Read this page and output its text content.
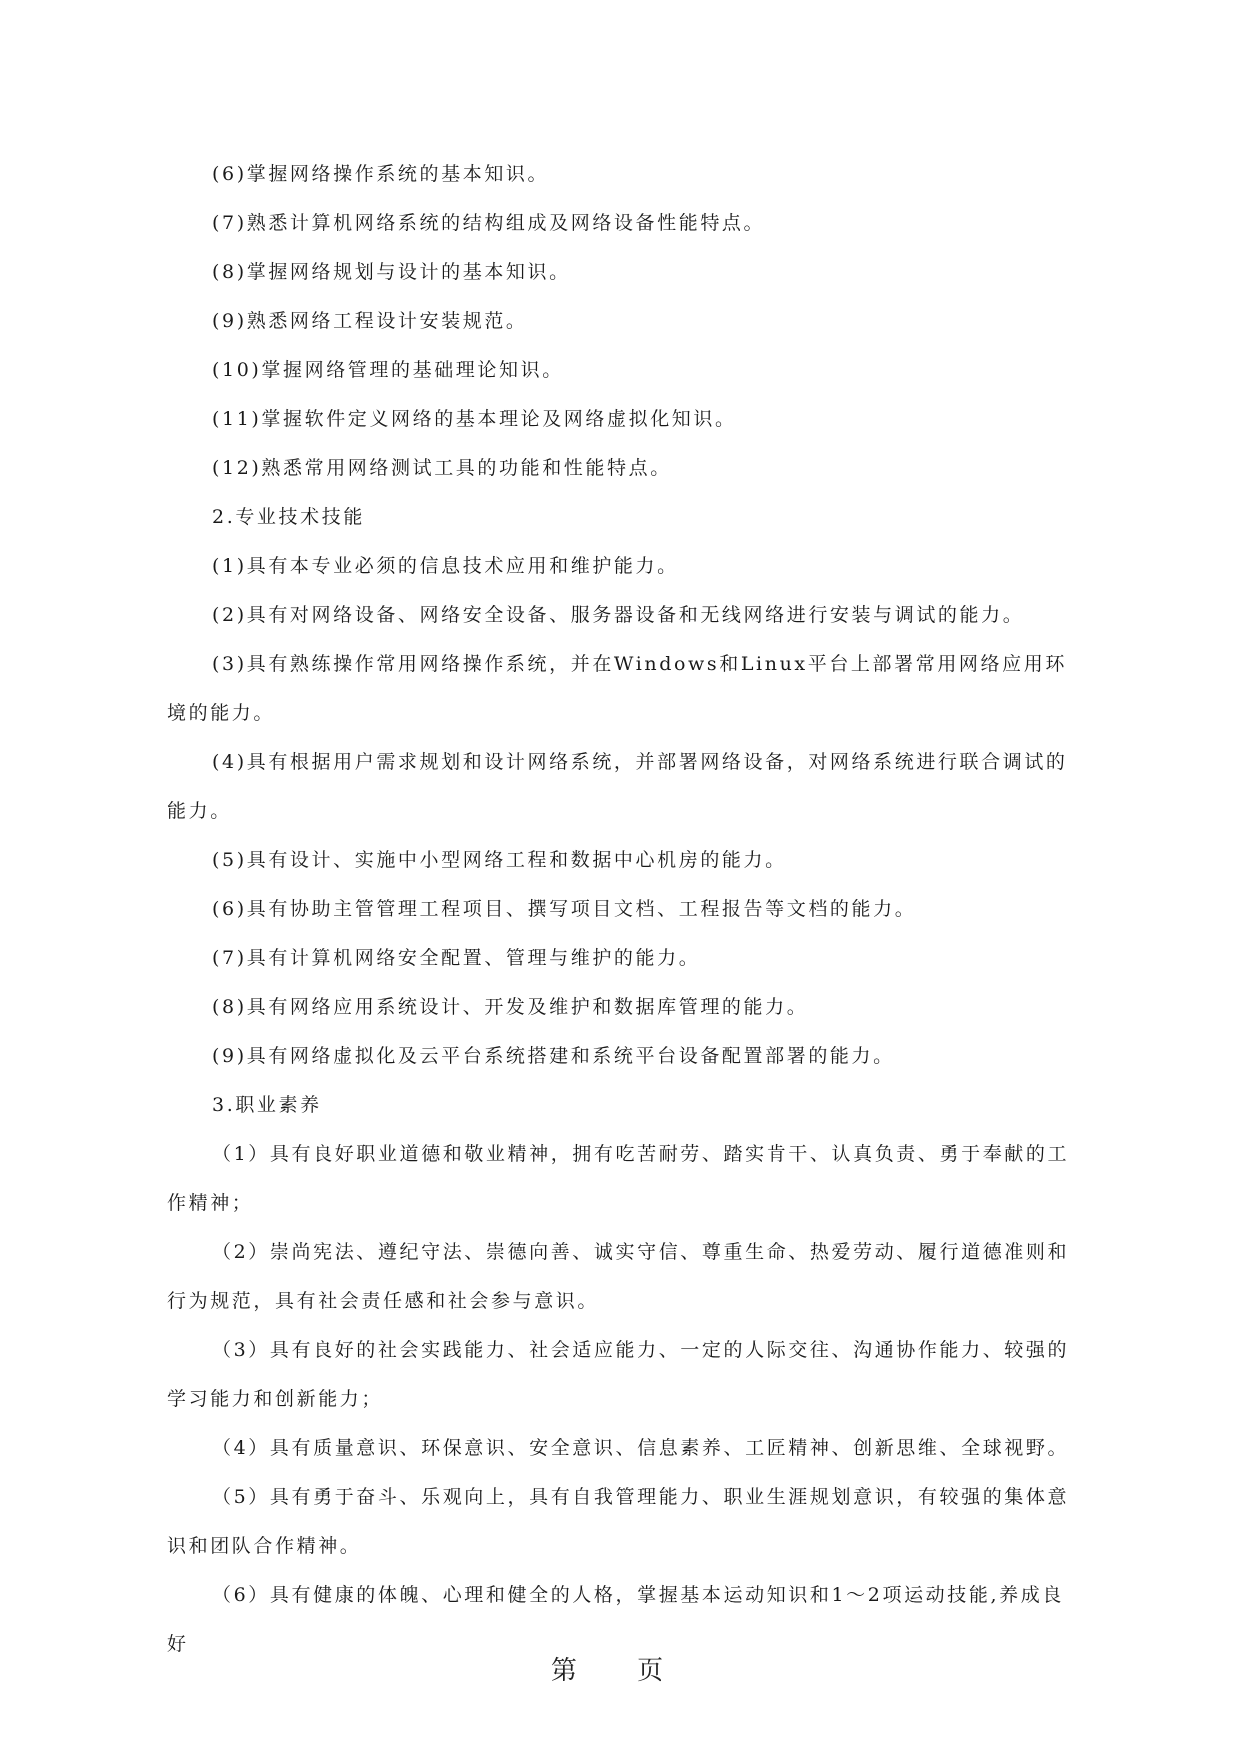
(6)掌握网络操作系统的基本知识。

(7)熟悉计算机网络系统的结构组成及网络设备性能特点。

(8)掌握网络规划与设计的基本知识。

(9)熟悉网络工程设计安装规范。

(10)掌握网络管理的基础理论知识。

(11)掌握软件定义网络的基本理论及网络虚拟化知识。

(12)熟悉常用网络测试工具的功能和性能特点。

2.专业技术技能

(1)具有本专业必须的信息技术应用和维护能力。

(2)具有对网络设备、网络安全设备、服务器设备和无线网络进行安装与调试的能力。

(3)具有熟练操作常用网络操作系统，并在Windows和Linux平台上部署常用网络应用环境的能力。

(4)具有根据用户需求规划和设计网络系统，并部署网络设备，对网络系统进行联合调试的能力。

(5)具有设计、实施中小型网络工程和数据中心机房的能力。

(6)具有协助主管管理工程项目、撰写项目文档、工程报告等文档的能力。

(7)具有计算机网络安全配置、管理与维护的能力。

(8)具有网络应用系统设计、开发及维护和数据库管理的能力。

(9)具有网络虚拟化及云平台系统搭建和系统平台设备配置部署的能力。

3.职业素养

（1）具有良好职业道德和敬业精神，拥有吃苦耐劳、踏实肯干、认真负责、勇于奉献的工作精神；

（2）崇尚宪法、遵纪守法、崇德向善、诚实守信、尊重生命、热爱劳动、履行道德准则和行为规范，具有社会责任感和社会参与意识。

（3）具有良好的社会实践能力、社会适应能力、一定的人际交往、沟通协作能力、较强的学习能力和创新能力；

（4）具有质量意识、环保意识、安全意识、信息素养、工匠精神、创新思维、全球视野。

（5）具有勇于奋斗、乐观向上，具有自我管理能力、职业生涯规划意识，有较强的集体意识和团队合作精神。

（6）具有健康的体魄、心理和健全的人格，掌握基本运动知识和1～2项运动技能,养成良好

第 页
